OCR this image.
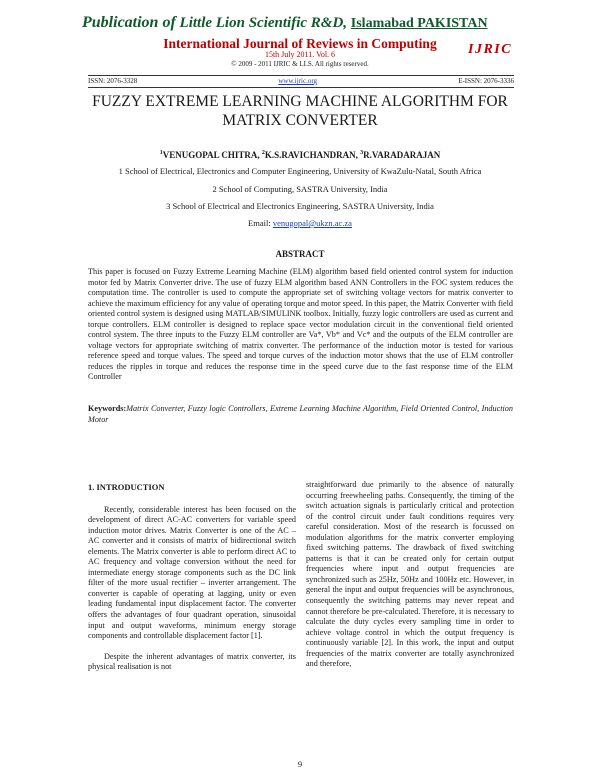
Publication of Little Lion Scientific R&D, Islamabad PAKISTAN
International Journal of Reviews in Computing
15th July 2011. Vol. 6
© 2009 - 2011 IJRIC & LLS. All rights reserved.
IJRIC
ISSN: 2076-3328	www.ijric.org	E-ISSN: 2076-3336
FUZZY EXTREME LEARNING MACHINE ALGORITHM FOR MATRIX CONVERTER
$^1$VENUGOPAL CHITRA, $^2$K.S.RAVICHANDRAN, $^3$R.VARADARAJAN
1 School of Electrical, Electronics and Computer Engineering, University of KwaZulu-Natal, South Africa
2 School of Computing, SASTRA University, India
3 School of Electrical and Electronics Engineering, SASTRA University, India
Email: venugopal@ukzn.ac.za
ABSTRACT
This paper is focused on Fuzzy Extreme Learning Machine (ELM) algorithm based field oriented control system for induction motor fed by Matrix Converter drive. The use of fuzzy ELM algorithm based ANN Controllers in the FOC system reduces the computation time. The controller is used to compute the appropriate set of switching voltage vectors for matrix converter to achieve the maximum efficiency for any value of operating torque and motor speed. In this paper, the Matrix Converter with field oriented control system is designed using MATLAB/SIMULINK toolbox. Initially, fuzzy logic controllers are used as current and torque controllers. ELM controller is designed to replace space vector modulation circuit in the conventional field oriented control system. The three inputs to the Fuzzy ELM controller are Va*, Vb* and Vc* and the outputs of the ELM controller are voltage vectors for appropriate switching of matrix converter. The performance of the induction motor is tested for various reference speed and torque values. The speed and torque curves of the induction motor shows that the use of ELM controller reduces the ripples in torque and reduces the response time in the speed curve due to the fast response time of the ELM Controller
Keywords:Matrix Converter, Fuzzy logic Controllers, Extreme Learning Machine Algorithm, Field Oriented Control, Induction Motor
1. INTRODUCTION

Recently, considerable interest has been focused on the development of direct AC-AC converters for variable speed induction motor drives. Matrix Converter is one of the AC – AC converter and it consists of matrix of bidirectional switch elements. The Matrix converter is able to perform direct AC to AC frequency and voltage conversion without the need for intermediate energy storage components such as the DC link filter of the more usual rectifier – inverter arrangement. The converter is capable of operating at lagging, unity or even leading fundamental input displacement factor. The converter offers the advantages of four quadrant operation, sinusoidal input and output waveforms, minimum energy storage components and controllable displacement factor [1].

Despite the inherent advantages of matrix converter, its physical realisation is not

straightforward due primarily to the absence of naturally occurring freewheeling paths. Consequently, the timing of the switch actuation signals is particularly critical and protection of the control circuit under fault conditions requires very careful consideration. Most of the research is focussed on modulation algorithms for the matrix converter employing fixed switching patterns. The drawback of fixed switching patterns is that it can be created only for certain output frequencies where input and output frequencies are synchronized such as 25Hz, 50Hz and 100Hz etc. However, in general the input and output frequencies will be asynchronous, consequently the switching patterns may never repeat and cannot therefore be pre-calculated. Therefore, it is necessary to calculate the duty cycles every sampling time in order to achieve voltage control in which the output frequency is continuously variable [2]. In this work, the input and output frequencies of the matrix converter are totally asynchronized and therefore,

9
